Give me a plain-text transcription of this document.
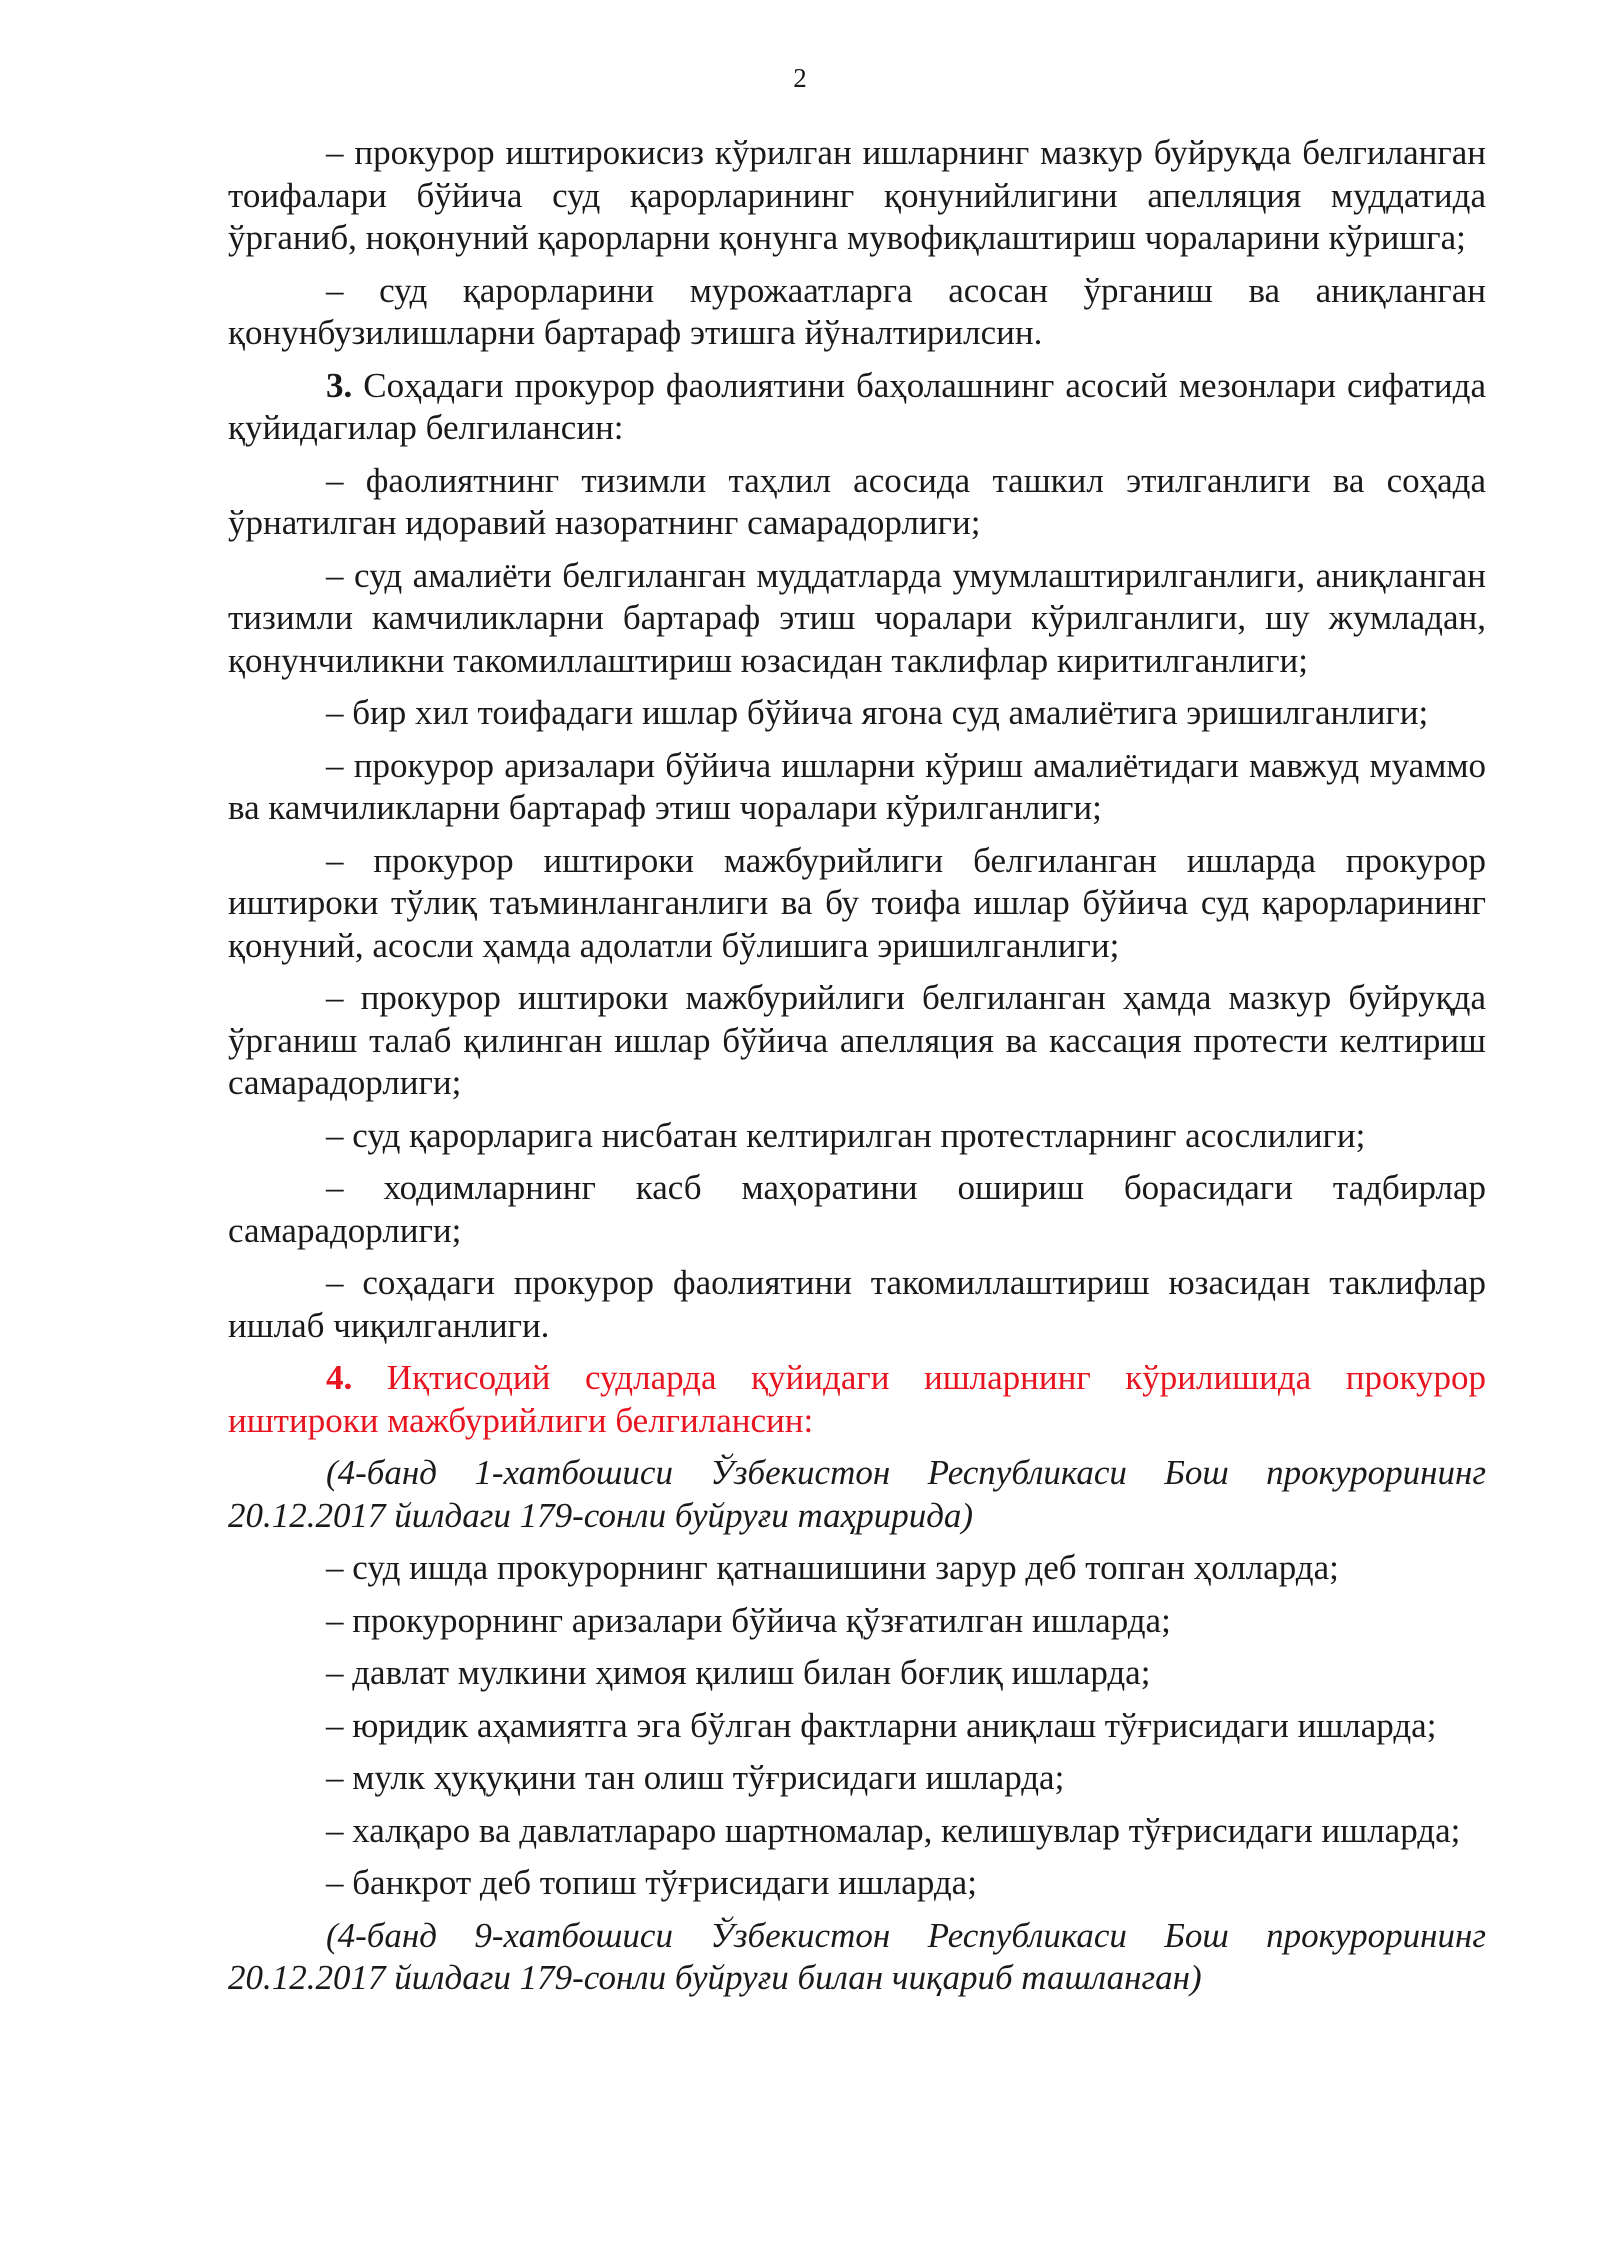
2

– прокурор иштирокисиз кўрилган ишларнинг мазкур буйруқда белгиланган тоифалари бўйича суд қарорларининг қонунийлигини апелляция муддатида ўрганиб, ноқонуний қарорларни қонунга мувофиқлаштириш чораларини кўришга;

– суд қарорларини мурожаатларга асосан ўрганиш ва аниқланган қонунбузилишларни бартараф этишга йўналтирилсин.

3. Соҳадаги прокурор фаолиятини баҳолашнинг асосий мезонлари сифатида қуйидагилар белгилансин:

– фаолиятнинг тизимли таҳлил асосида ташкил этилганлиги ва соҳада ўрнатилган идоравий назоратнинг самарадорлиги;

– суд амалиёти белгиланган муддатларда умумлаштирилганлиги, аниқланган тизимли камчиликларни бартараф этиш чоралари кўрилганлиги, шу жумладан, қонунчиликни такомиллаштириш юзасидан таклифлар киритилганлиги;

– бир хил тоифадаги ишлар бўйича ягона суд амалиётига эришилганлиги;

– прокурор аризалари бўйича ишларни кўриш амалиётидаги мавжуд муаммо ва камчиликларни бартараф этиш чоралари кўрилганлиги;

– прокурор иштироки мажбурийлиги белгиланган ишларда прокурор иштироки тўлиқ таъминланганлиги ва бу тоифа ишлар бўйича суд қарорларининг қонуний, асосли ҳамда адолатли бўлишига эришилганлиги;

– прокурор иштироки мажбурийлиги белгиланган ҳамда мазкур буйруқда ўрганиш талаб қилинган ишлар бўйича апелляция ва кассация протести келтириш самарадорлиги;

– суд қарорларига нисбатан келтирилган протестларнинг асослилиги;

– ходимларнинг касб маҳоратини ошириш борасидаги тадбирлар самарадорлиги;

– соҳадаги прокурор фаолиятини такомиллаштириш юзасидан таклифлар ишлаб чиқилганлиги.

4. Иқтисодий судларда қуйидаги ишларнинг кўрилишида прокурор иштироки мажбурийлиги белгилансин:

(4-банд 1-хатбошиси Ўзбекистон Республикаси Бош прокурорининг 20.12.2017 йилдаги 179-сонли буйруғи таҳририда)

– суд ишда прокурорнинг қатнашишини зарур деб топган ҳолларда;

– прокурорнинг аризалари бўйича қўзғатилган ишларда;

– давлат мулкини ҳимоя қилиш билан боғлиқ ишларда;

– юридик аҳамиятга эга бўлган фактларни аниқлаш тўғрисидаги ишларда;

– мулк ҳуқуқини тан олиш тўғрисидаги ишларда;

– халқаро ва давлатлараро шартномалар, келишувлар тўғрисидаги ишларда;

– банкрот деб топиш тўғрисидаги ишларда;

(4-банд 9-хатбошиси Ўзбекистон Республикаси Бош прокурорининг 20.12.2017 йилдаги 179-сонли буйруғи билан чиқариб ташланган)
